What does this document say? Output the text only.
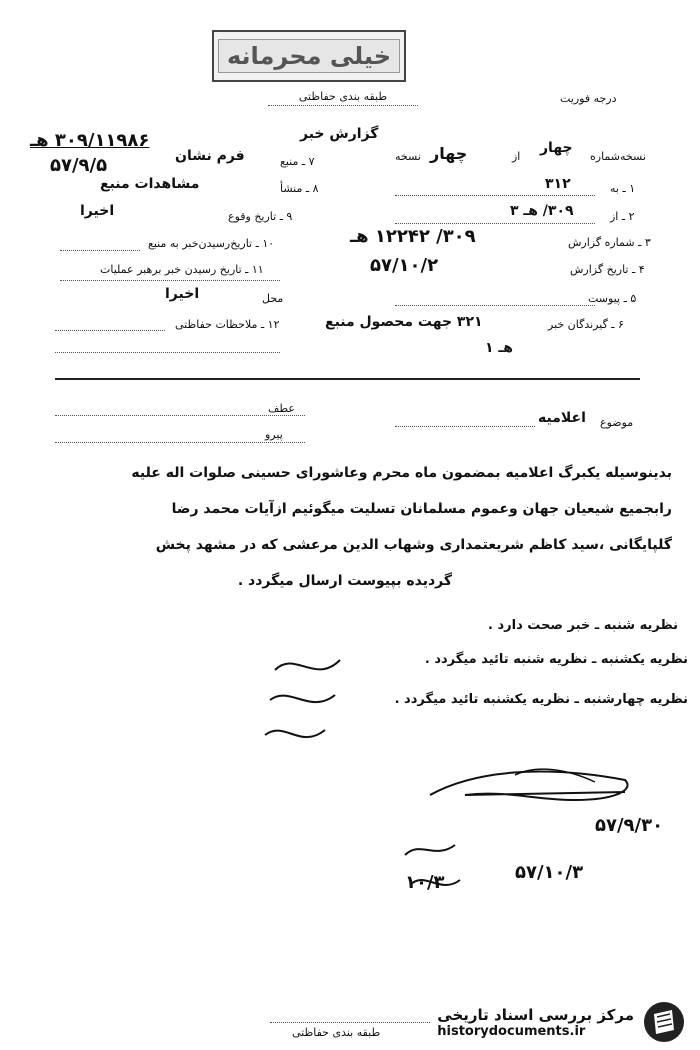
خیلی محرمانه
طبقه بندی حفاظتی	درجه فوریت
گزارش خبر
نسخه‌شماره
چهار
از
چهار
نسخه
۱ ـ به
۳۱۲
۲ ـ از
۳۰۹/ هـ ۳
۳ ـ شماره گزارش
۳۰۹/ ۱۲۲۴۲ هـ
۴ ـ تاریخ گزارش
۵۷/۱۰/۲
۵ ـ پیوست
۶ ـ گیرندگان خبر
۳۲۱ جهت محصول منبع
هـ ۱
۷ ـ منبع
فرم نشان
۳۰۹/۱۱۹۸۶ هـ
۵۷/۹/۵
۸ ـ منشأ
مشاهدات منبع
۹ ـ تاریخ وقوع
اخیرا
۱۰ ـ تاریخ‌رسیدن‌خبر به منبع
۱۱ ـ تاریخ رسیدن خبر برهبر عملیات
محل
اخیرا
۱۲ ـ ملاحظات حفاظتی
عطف
پیرو
موضوع
اعلامیه
بدینوسیله یکبرگ اعلامیه بمضمون ماه محرم وعاشورای حسینی صلوات اله علیه
رابجمیع شیعیان جهان وعموم مسلمانان تسلیت میگوئیم ازآیات محمد رضا
گلپایگانی ،سید کاظم شریعتمداری وشهاب الدین مرعشی که در مشهد پخش
گردیده بپیوست ارسال میگردد .
نظریه شنبه ـ خبر صحت دارد .
نظریه یکشنبه ـ نظریه شنبه تائید میگردد .
نظریه چهارشنبه ـ نظریه یکشنبه تائید میگردد .
۵۷/۹/۳۰
۱۰/۳	۵۷/۱۰/۳
طبقه بندی حفاظتی
مرکز بررسی اسناد تاریخی
historydocuments.ir
